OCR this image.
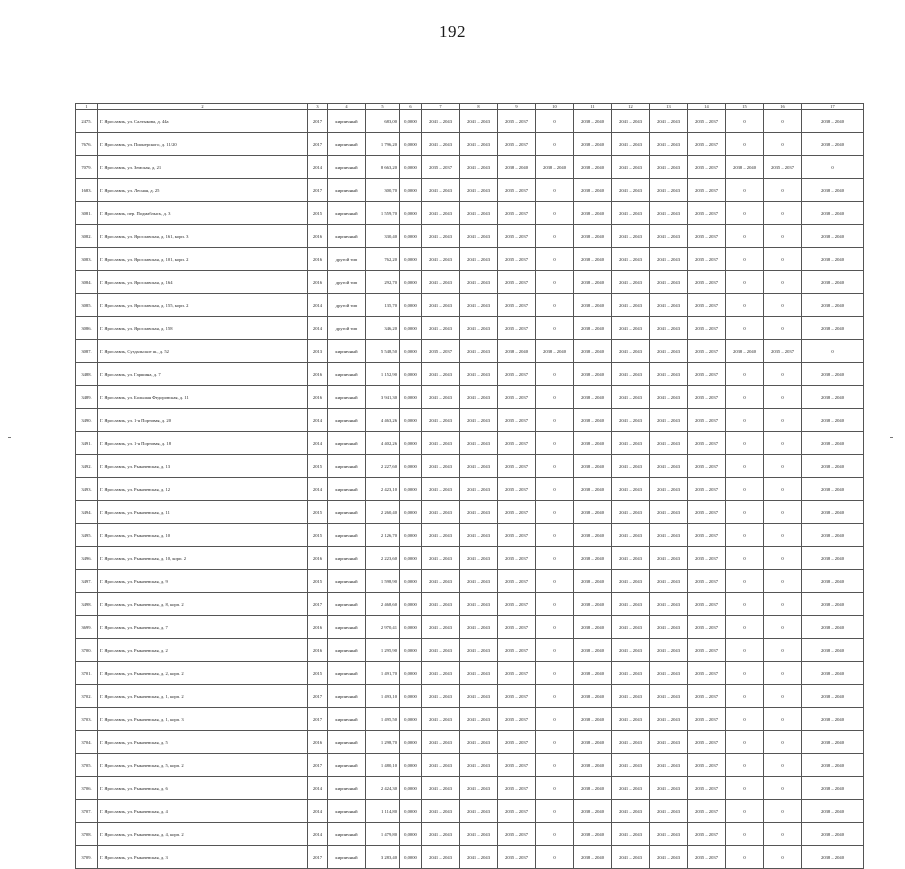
192
1	2	3	4	5	6	7	8	9	10	11	12	13	14	15	16	17
2475.	Г. Ярославль, ул. Салтыкова, д. 44а	2017	кирпичный	683,00	0,0000	2041 – 2043	2041 – 2043	2035 – 2037	0	2038 – 2040	2041 – 2043	2041 – 2043	2035 – 2037	0	0	2038 – 2040
7676.	Г. Ярославль, ул. Пионерскогo, д. 11/20	2017	кирпичный	1 796,20	0,0000	2041 – 2043	2041 – 2043	2035 – 2037	0	2038 – 2040	2041 – 2043	2041 – 2043	2035 – 2037	0	0	2038 – 2040
7079.	Г. Ярославль, ул. Земская, д. 21	2014	кирпичный	8 663,20	0,0000	2035 – 2037	2041 – 2043	2038 – 2040	2038 – 2040	2038 – 2040	2041 – 2043	2041 – 2043	2035 – 2037	2038 – 2040	2035 – 2037	0
1683.	Г. Ярославль, ул. Лесная, д. 25	2017	кирпичный	300,70	0,0000	2041 – 2043	2041 – 2043	2035 – 2037	0	2038 – 2040	2041 – 2043	2041 – 2043	2035 – 2037	0	0	2038 – 2040
3081.	Г. Ярославль, пер. Подмаблысъ, д. 3	2015	кирпичный	1 559,70	0,0000	2041 – 2043	2041 – 2043	2035 – 2037	0	2038 – 2040	2041 – 2043	2041 – 2043	2035 – 2037	0	0	2038 – 2040
3082.	Г. Ярославль, ул. Ярославская, д. 161, корп. 3	2016	кирпичный	330,40	0,0000	2041 – 2043	2041 – 2043	2035 – 2037	0	2038 – 2040	2041 – 2043	2041 – 2043	2035 – 2037	0	0	2038 – 2040
3083.	Г. Ярославль, ул. Ярославская, д. 101, корп. 2	2016	другой тип	762,20	0,0000	2041 – 2043	2041 – 2043	2035 – 2037	0	2038 – 2040	2041 – 2043	2041 – 2043	2035 – 2037	0	0	2038 – 2040
3084.	Г. Ярославль, ул. Ярославская, д. 164	2016	другой тип	292,70	0,0000	2041 – 2043	2041 – 2043	2035 – 2037	0	2038 – 2040	2041 – 2043	2041 – 2043	2035 – 2037	0	0	2038 – 2040
3085.	Г. Ярославль, ул. Ярославская, д. 155, корп. 2	2014	другой тип	135,70	0,0000	2041 – 2043	2041 – 2043	2035 – 2037	0	2038 – 2040	2041 – 2043	2041 – 2043	2035 – 2037	0	0	2038 – 2040
3086.	Г. Ярославль, ул. Ярославская, д. 158	2014	другой тип	346,20	0,0000	2041 – 2043	2041 – 2043	2035 – 2037	0	2038 – 2040	2041 – 2043	2041 – 2043	2035 – 2037	0	0	2038 – 2040
3087.	Г. Ярославль, Суздальское ш., д. 52	2013	кирпичный	5 548,50	0,0000	2035 – 2037	2041 – 2043	2038 – 2040	2038 – 2040	2038 – 2040	2041 – 2043	2041 – 2043	2035 – 2037	2038 – 2040	2035 – 2037	0
3488.	Г. Ярославль, ул. Гаршина, д. 7	2016	кирпичный	1 152,90	0,0000	2041 – 2043	2041 – 2043	2035 – 2037	0	2038 – 2040	2041 – 2043	2041 – 2043	2035 – 2037	0	0	2038 – 2040
3489.	Г. Ярославль, ул. Большая Федоровская, д. 11	2016	кирпичный	3 941,30	0,0000	2041 – 2043	2041 – 2043	2035 – 2037	0	2038 – 2040	2041 – 2043	2041 – 2043	2035 – 2037	0	0	2038 – 2040
3490.	Г. Ярославль, ул. 1-я Портовая, д. 20	2014	кирпичный	4 463,26	0,0000	2041 – 2043	2041 – 2043	2035 – 2037	0	2038 – 2040	2041 – 2043	2041 – 2043	2035 – 2037	0	0	2038 – 2040
3491.	Г. Ярославль, ул. 1-я Портовая, д. 18	2014	кирпичный	4 402,26	0,0000	2041 – 2043	2041 – 2043	2035 – 2037	0	2038 – 2040	2041 – 2043	2041 – 2043	2035 – 2037	0	0	2038 – 2040
3492.	Г. Ярославль, ул. Рыкачевская, д. 13	2015	кирпичный	2 227,60	0,0000	2041 – 2043	2041 – 2043	2035 – 2037	0	2038 – 2040	2041 – 2043	2041 – 2043	2035 – 2037	0	0	2038 – 2040
3493.	Г. Ярославль, ул. Рыкачевская, д. 12	2014	кирпичный	2 423,10	0,0000	2041 – 2043	2041 – 2043	2035 – 2037	0	2038 – 2040	2041 – 2043	2041 – 2043	2035 – 2037	0	0	2038 – 2040
3494.	Г. Ярославль, ул. Рыкачевская, д. 11	2015	кирпичный	2 260,40	0,0000	2041 – 2043	2041 – 2043	2035 – 2037	0	2038 – 2040	2041 – 2043	2041 – 2043	2035 – 2037	0	0	2038 – 2040
3495.	Г. Ярославль, ул. Рыкачевская, д. 10	2015	кирпичный	2 126,70	0,0000	2041 – 2043	2041 – 2043	2035 – 2037	0	2038 – 2040	2041 – 2043	2041 – 2043	2035 – 2037	0	0	2038 – 2040
3496.	Г. Ярославль, ул. Рыкачевская, д. 10, корп. 2	2016	кирпичный	2 223,60	0,0000	2041 – 2043	2041 – 2043	2035 – 2037	0	2038 – 2040	2041 – 2043	2041 – 2043	2035 – 2037	0	0	2038 – 2040
3497.	Г. Ярославль, ул. Рыкачевская, д. 9	2015	кирпичный	1 598,90	0,0000	2041 – 2043	2041 – 2043	2035 – 2037	0	2038 – 2040	2041 – 2043	2041 – 2043	2035 – 2037	0	0	2038 – 2040
3498.	Г. Ярославль, ул. Рыкачевская, д. 8, корп. 2	2017	кирпичный	2 468,60	0,0000	2041 – 2043	2041 – 2043	2035 – 2037	0	2038 – 2040	2041 – 2043	2041 – 2043	2035 – 2037	0	0	2038 – 2040
3699.	Г. Ярославль, ул. Рыкачевская, д. 7	2016	кирпичный	2 970,41	0,0000	2041 – 2043	2041 – 2043	2035 – 2037	0	2038 – 2040	2041 – 2043	2041 – 2043	2035 – 2037	0	0	2038 – 2040
3700.	Г. Ярославль, ул. Рыкачевская, д. 2	2016	кирпичный	1 295,90	0,0000	2041 – 2043	2041 – 2043	2035 – 2037	0	2038 – 2040	2041 – 2043	2041 – 2043	2035 – 2037	0	0	2038 – 2040
3701.	Г. Ярославль, ул. Рыкачевская, д. 2, корп. 2	2015	кирпичный	1 491,70	0,0000	2041 – 2043	2041 – 2043	2035 – 2037	0	2038 – 2040	2041 – 2043	2041 – 2043	2035 – 2037	0	0	2038 – 2040
3702.	Г. Ярославль, ул. Рыкачевская, д. 1, корп. 2	2017	кирпичный	1 493,10	0,0000	2041 – 2043	2041 – 2043	2035 – 2037	0	2038 – 2040	2041 – 2043	2041 – 2043	2035 – 2037	0	0	2038 – 2040
3703.	Г. Ярославль, ул. Рыкачевская, д. 1, корп. 3	2017	кирпичный	1 495,50	0,0000	2041 – 2043	2041 – 2043	2035 – 2037	0	2038 – 2040	2041 – 2043	2041 – 2043	2035 – 2037	0	0	2038 – 2040
3704.	Г. Ярославль, ул. Рыкачевская, д. 5	2016	кирпичный	1 298,70	0,0000	2041 – 2043	2041 – 2043	2035 – 2037	0	2038 – 2040	2041 – 2043	2041 – 2043	2035 – 2037	0	0	2038 – 2040
3705.	Г. Ярославль, ул. Рыкачевская, д. 5, корп. 2	2017	кирпичный	1 480,10	0,0000	2041 – 2043	2041 – 2043	2035 – 2037	0	2038 – 2040	2041 – 2043	2041 – 2043	2035 – 2037	0	0	2038 – 2040
3706.	Г. Ярославль, ул. Рыкачевская, д. 6	2014	кирпичный	2 424,30	0,0000	2041 – 2043	2041 – 2043	2035 – 2037	0	2038 – 2040	2041 – 2043	2041 – 2043	2035 – 2037	0	0	2038 – 2040
3707.	Г. Ярославль, ул. Рыкачевская, д. 4	2014	кирпичный	1 114,80	0,0000	2041 – 2043	2041 – 2043	2035 – 2037	0	2038 – 2040	2041 – 2043	2041 – 2043	2035 – 2037	0	0	2038 – 2040
3708.	Г. Ярославль, ул. Рыкачевская, д. 4, корп. 2	2014	кирпичный	1 479,80	0,0000	2041 – 2043	2041 – 2043	2035 – 2037	0	2038 – 2040	2041 – 2043	2041 – 2043	2035 – 2037	0	0	2038 – 2040
3709.	Г. Ярославль, ул. Рыкачевская, д. 3	2017	кирпичный	3 283,40	0,0000	2041 – 2043	2041 – 2043	2035 – 2037	0	2038 – 2040	2041 – 2043	2041 – 2043	2035 – 2037	0	0	2038 – 2040
